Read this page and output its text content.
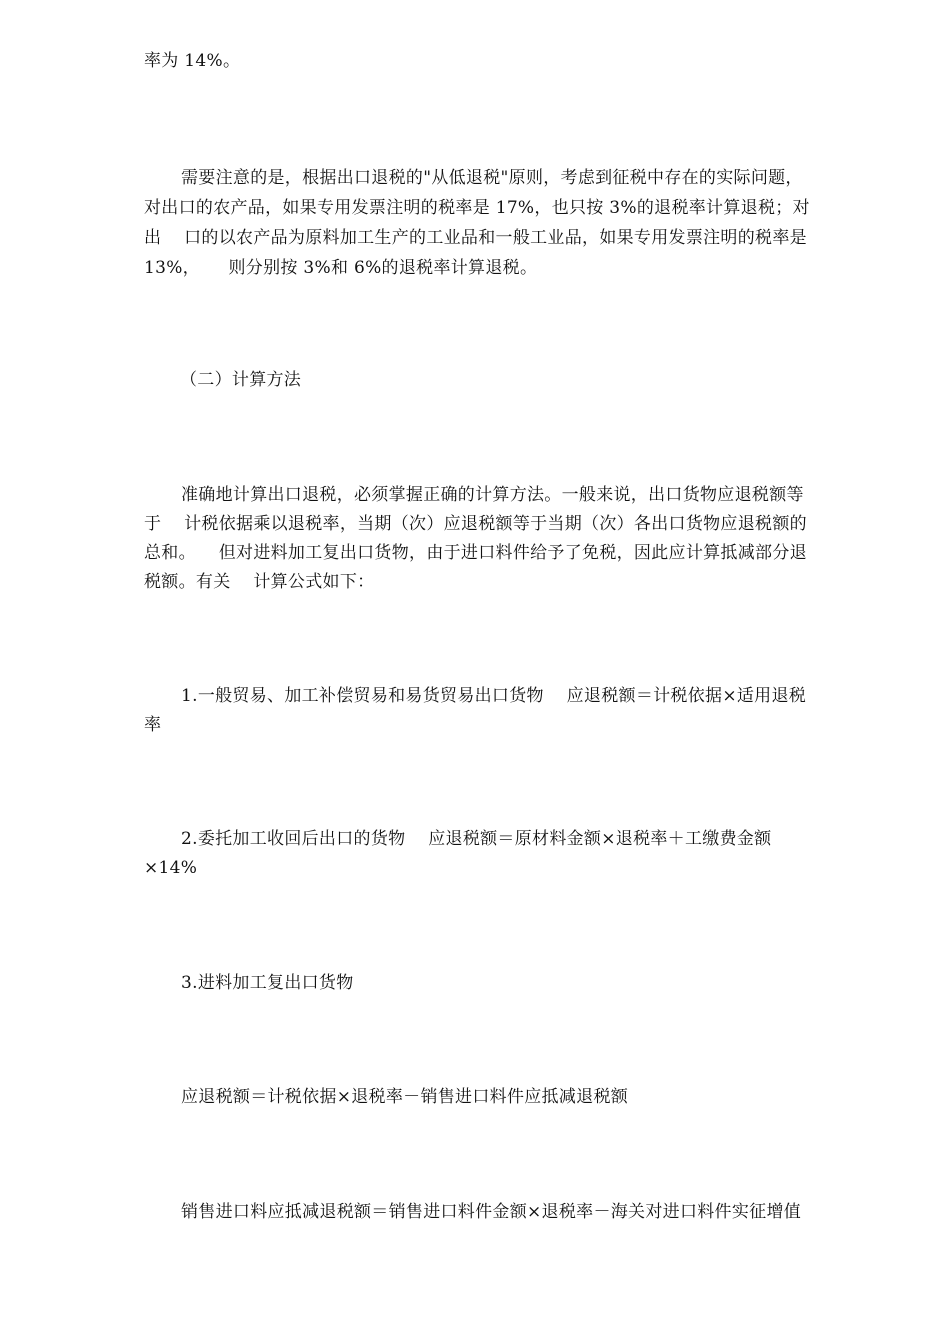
率为 14%。
需要注意的是，根据出口退税的"从低退税"原则，考虑到征税中存在的实际问题，
对出口的农产品，如果专用发票注明的税率是 17%，也只按 3%的退税率计算退税；对
出    口的以农产品为原料加工生产的工业品和一般工业品，如果专用发票注明的税率是
13%，     则分别按 3%和 6%的退税率计算退税。
（二）计算方法
准确地计算出口退税，必须掌握正确的计算方法。一般来说，出口货物应退税额等
于    计税依据乘以退税率，当期（次）应退税额等于当期（次）各出口货物应退税额的
总和。    但对进料加工复出口货物，由于进口料件给予了免税，因此应计算抵减部分退
税额。有关    计算公式如下：
1.一般贸易、加工补偿贸易和易货贸易出口货物    应退税额＝计税依据×适用退税
率
2.委托加工收回后出口的货物    应退税额＝原材料金额×退税率＋工缴费金额
×14%
3.进料加工复出口货物
应退税额＝计税依据×退税率－销售进口料件应抵减退税额
销售进口料应抵减退税额＝销售进口料件金额×退税率－海关对进口料件实征增值
